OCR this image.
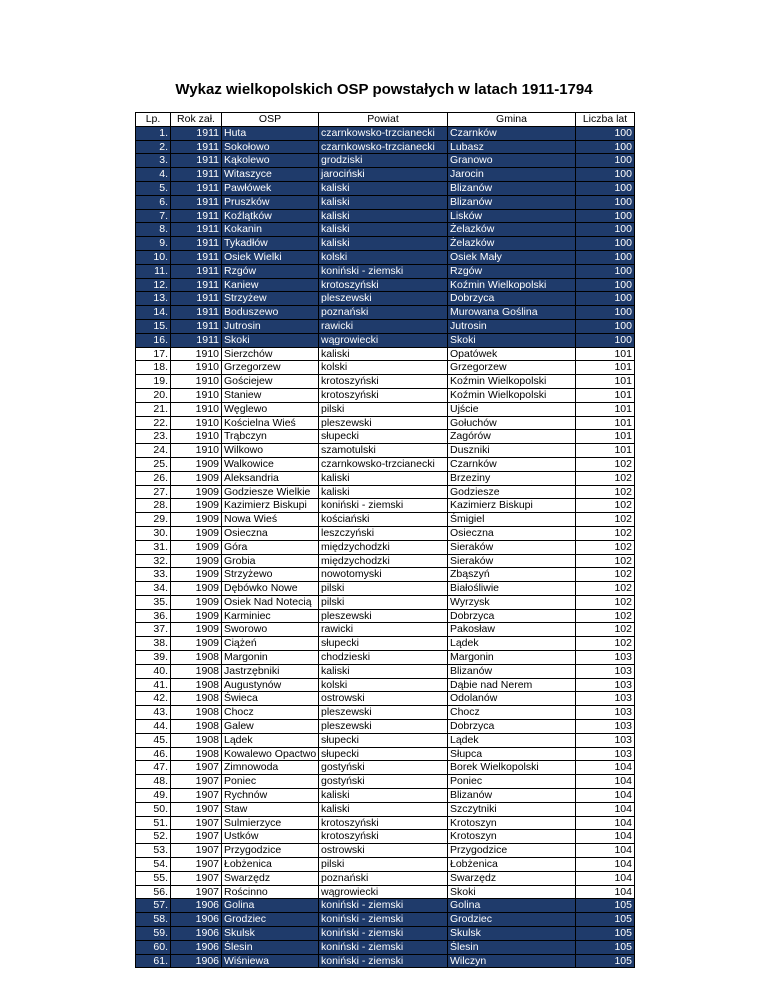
Wykaz wielkopolskich OSP powstałych w latach 1911-1794
Lp.	Rok zał.	OSP	Powiat	Gmina	Liczba lat
1.	1911	Huta	czarnkowsko-trzcianecki	Czarnków	100
2.	1911	Sokołowo	czarnkowsko-trzcianecki	Lubasz	100
3.	1911	Kąkolewo	grodziski	Granowo	100
4.	1911	Witaszyce	jarociński	Jarocin	100
5.	1911	Pawłówek	kaliski	Blizanów	100
6.	1911	Pruszków	kaliski	Blizanów	100
7.	1911	Koźlątków	kaliski	Lisków	100
8.	1911	Kokanin	kaliski	Żelazków	100
9.	1911	Tykadłów	kaliski	Żelazków	100
10.	1911	Osiek Wielki	kolski	Osiek Mały	100
11.	1911	Rzgów	koniński - ziemski	Rzgów	100
12.	1911	Kaniew	krotoszyński	Koźmin Wielkopolski	100
13.	1911	Strzyżew	pleszewski	Dobrzyca	100
14.	1911	Boduszewo	poznański	Murowana Goślina	100
15.	1911	Jutrosin	rawicki	Jutrosin	100
16.	1911	Skoki	wągrowiecki	Skoki	100
17.	1910	Sierzchów	kaliski	Opatówek	101
18.	1910	Grzegorzew	kolski	Grzegorzew	101
19.	1910	Gościejew	krotoszyński	Koźmin Wielkopolski	101
20.	1910	Staniew	krotoszyński	Koźmin Wielkopolski	101
21.	1910	Węglewo	pilski	Ujście	101
22.	1910	Kościelna Wieś	pleszewski	Gołuchów	101
23.	1910	Trąbczyn	słupecki	Zagórów	101
24.	1910	Wilkowo	szamotulski	Duszniki	101
25.	1909	Walkowice	czarnkowsko-trzcianecki	Czarnków	102
26.	1909	Aleksandria	kaliski	Brzeziny	102
27.	1909	Godziesze Wielkie	kaliski	Godziesze	102
28.	1909	Kazimierz Biskupi	koniński - ziemski	Kazimierz Biskupi	102
29.	1909	Nowa Wieś	kościański	Śmigiel	102
30.	1909	Osieczna	leszczyński	Osieczna	102
31.	1909	Góra	międzychodzki	Sieraków	102
32.	1909	Grobia	międzychodzki	Sieraków	102
33.	1909	Strzyżewo	nowotomyski	Zbąszyń	102
34.	1909	Dębówko Nowe	pilski	Białośliwie	102
35.	1909	Osiek Nad Notecią	pilski	Wyrzysk	102
36.	1909	Karminiec	pleszewski	Dobrzyca	102
37.	1909	Sworowo	rawicki	Pakosław	102
38.	1909	Ciążeń	słupecki	Lądek	102
39.	1908	Margonin	chodzieski	Margonin	103
40.	1908	Jastrzębniki	kaliski	Blizanów	103
41.	1908	Augustynów	kolski	Dąbie nad Nerem	103
42.	1908	Świeca	ostrowski	Odolanów	103
43.	1908	Chocz	pleszewski	Chocz	103
44.	1908	Galew	pleszewski	Dobrzyca	103
45.	1908	Lądek	słupecki	Lądek	103
46.	1908	Kowalewo Opactwo	słupecki	Słupca	103
47.	1907	Zimnowoda	gostyński	Borek Wielkopolski	104
48.	1907	Poniec	gostyński	Poniec	104
49.	1907	Rychnów	kaliski	Blizanów	104
50.	1907	Staw	kaliski	Szczytniki	104
51.	1907	Sulmierzyce	krotoszyński	Krotoszyn	104
52.	1907	Ustków	krotoszyński	Krotoszyn	104
53.	1907	Przygodzice	ostrowski	Przygodzice	104
54.	1907	Łobżenica	pilski	Łobżenica	104
55.	1907	Swarzędz	poznański	Swarzędz	104
56.	1907	Rościnno	wągrowiecki	Skoki	104
57.	1906	Golina	koniński - ziemski	Golina	105
58.	1906	Grodziec	koniński - ziemski	Grodziec	105
59.	1906	Skulsk	koniński - ziemski	Skulsk	105
60.	1906	Ślesin	koniński - ziemski	Ślesin	105
61.	1906	Wiśniewa	koniński - ziemski	Wilczyn	105
